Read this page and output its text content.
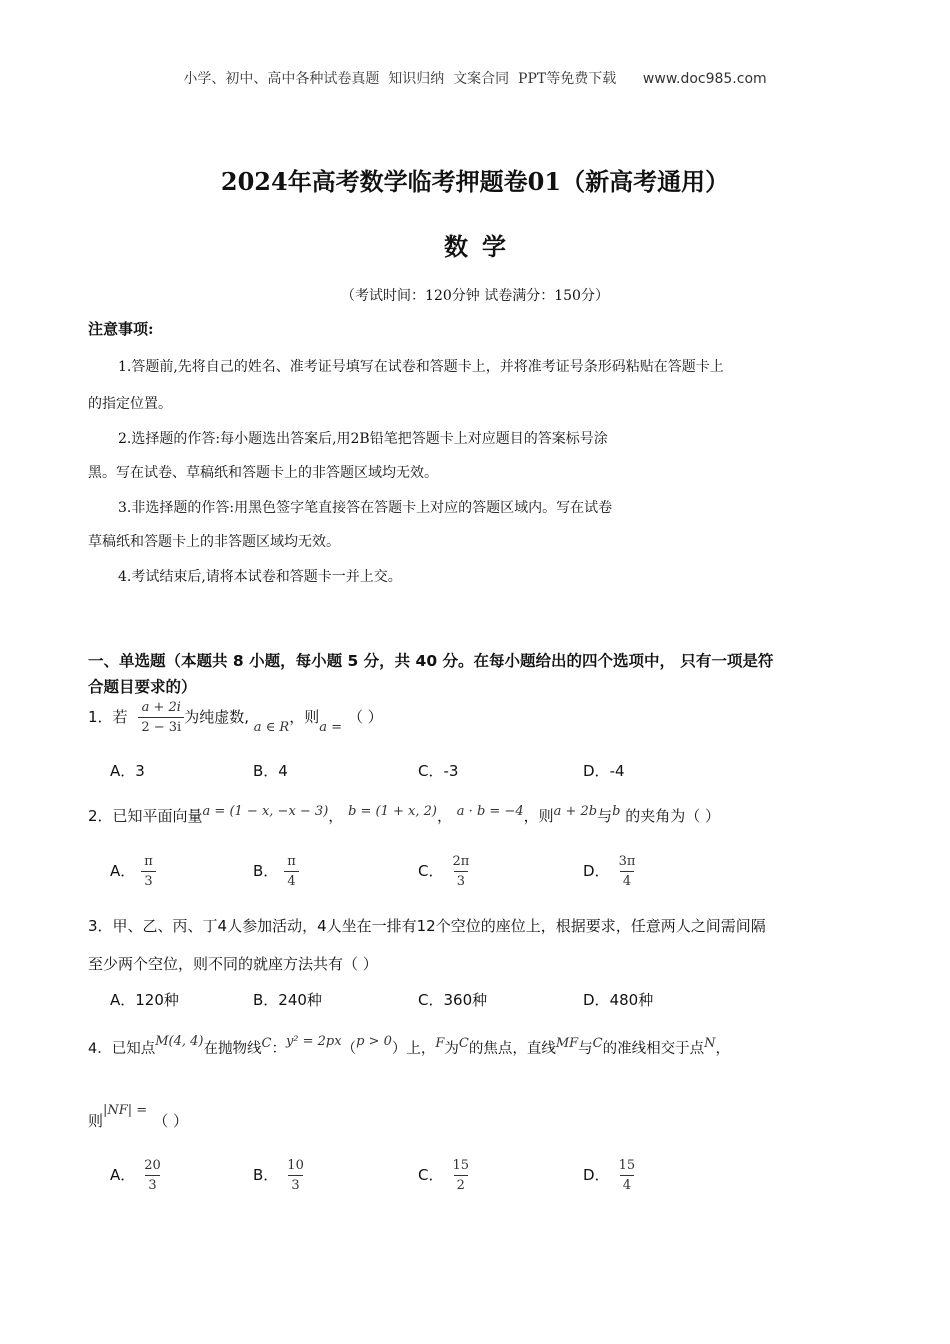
小学、初中、高中各种试卷真题  知识归纳  文案合同  PPT等免费下载 www.doc985.com
2024年高考数学临考押题卷01（新高考通用）
数学
（考试时间：120分钟 试卷满分：150分）
注意事项:
1.答题前,先将自己的姓名、准考证号填写在试卷和答题卡上，并将准考证号条形码粘贴在答题卡上
的指定位置。
2.选择题的作答:每小题选出答案后,用2B铅笔把答题卡上对应题目的答案标号涂
黑。写在试卷、草稿纸和答题卡上的非答题区域均无效。
3.非选择题的作答:用黑色签字笔直接答在答题卡上对应的答题区域内。写在试卷
草稿纸和答题卡上的非答题区域均无效。
4.考试结束后,请将本试卷和答题卡一并上交。
一、单选题（本题共 8 小题，每小题 5 分，共 40 分。在每小题给出的四个选项中， 只有一项是符
合题目要求的）
1．若 $\frac{a + 2i}{2 - 3i}$ 为纯虚数, a ∈ R，则a =（ ）
A．3	B．4	C．-3	D．-4
2．已知平面向量a = (1 − x, −x − 3)， b = (1 + x, 2)， a · b = −4，则a + 2b与b 的夹角为（ ）
A． $\frac{\pi}{3}$	B． $\frac{\pi}{4}$	C． $\frac{2\pi}{3}$	D． $\frac{3\pi}{4}$
3．甲、乙、丙、丁4人参加活动，4人坐在一排有12个空位的座位上，根据要求，任意两人之间需间隔
至少两个空位，则不同的就座方法共有（ ）
A．120种	B．240种	C．360种	D．480种
4．已知点M(4, 4)在抛物线C：y² = 2px（p > 0）上，F为C的焦点，直线MF与C的准线相交于点N，
则|NF| =（ ）
A． $\frac{20}{3}$	B． $\frac{10}{3}$	C． $\frac{15}{2}$	D． $\frac{15}{4}$
